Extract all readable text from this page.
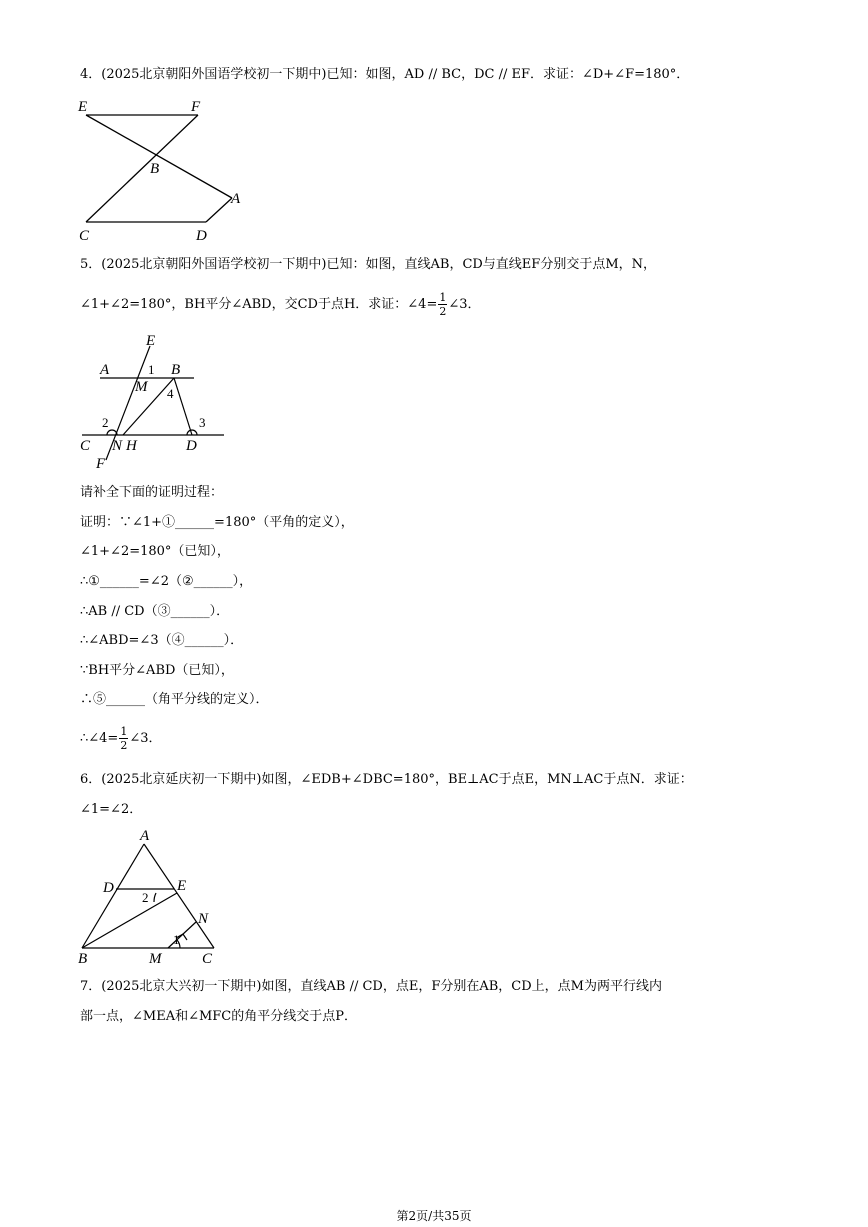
4．(2025北京朝阳外国语学校初一下期中)已知：如图，AD // BC，DC // EF．求证：∠D+∠F=180°．
E	F
B
A
C	D
5．(2025北京朝阳外国语学校初一下期中)已知：如图，直线AB，CD与直线EF分别交于点M，N，
∠1+∠2=180°，BH平分∠ABD，交CD于点H．求证：∠4= $\frac{1}{2}$ ∠3．
E
A	1 B
M 4
2	3
C N H	D
F
请补全下面的证明过程：
证明：∵∠1+①______=180°（平角的定义），
∠1+∠2=180°（已知），
∴①______=∠2（②______），
∴AB // CD（③______）．
∴∠ABD=∠3（④______）．
∵BH平分∠ABD（已知），
∴⑤______（角平分线的定义）．
∴∠4= $\frac{1}{2}$ ∠3．
6．(2025北京延庆初一下期中)如图，∠EDB+∠DBC=180°，BE⊥AC于点E，MN⊥AC于点N．求证：
∠1=∠2．
A
D	E
2
N
1
B	M	C
7．(2025北京大兴初一下期中)如图，直线AB // CD，点E，F分别在AB，CD上，点M为两平行线内
部一点，∠MEA和∠MFC的角平分线交于点P．
第2页/共35页
